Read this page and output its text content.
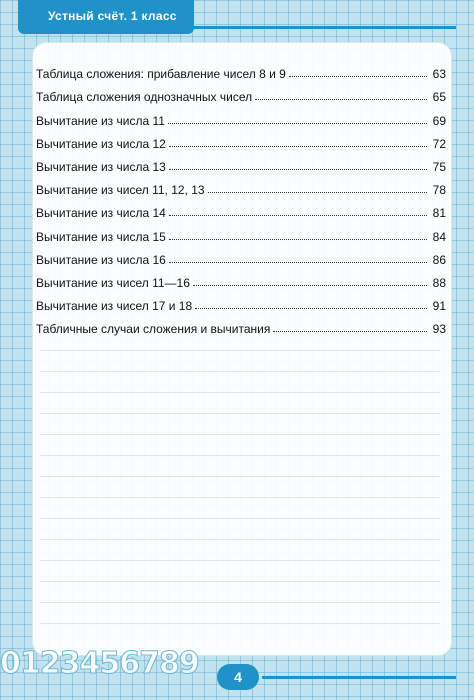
Устный счёт. 1 класс
Таблица сложения: прибавление чисел 8 и 9	63
Таблица сложения однозначных чисел	65
Вычитание из числа 11	69
Вычитание из числа 12	72
Вычитание из числа 13	75
Вычитание из чисел 11, 12, 13	78
Вычитание из числа 14	81
Вычитание из числа 15	84
Вычитание из числа 16	86
Вычитание из чисел 11—16	88
Вычитание из чисел 17 и 18	91
Табличные случаи сложения и вычитания	93
0123456789	4
